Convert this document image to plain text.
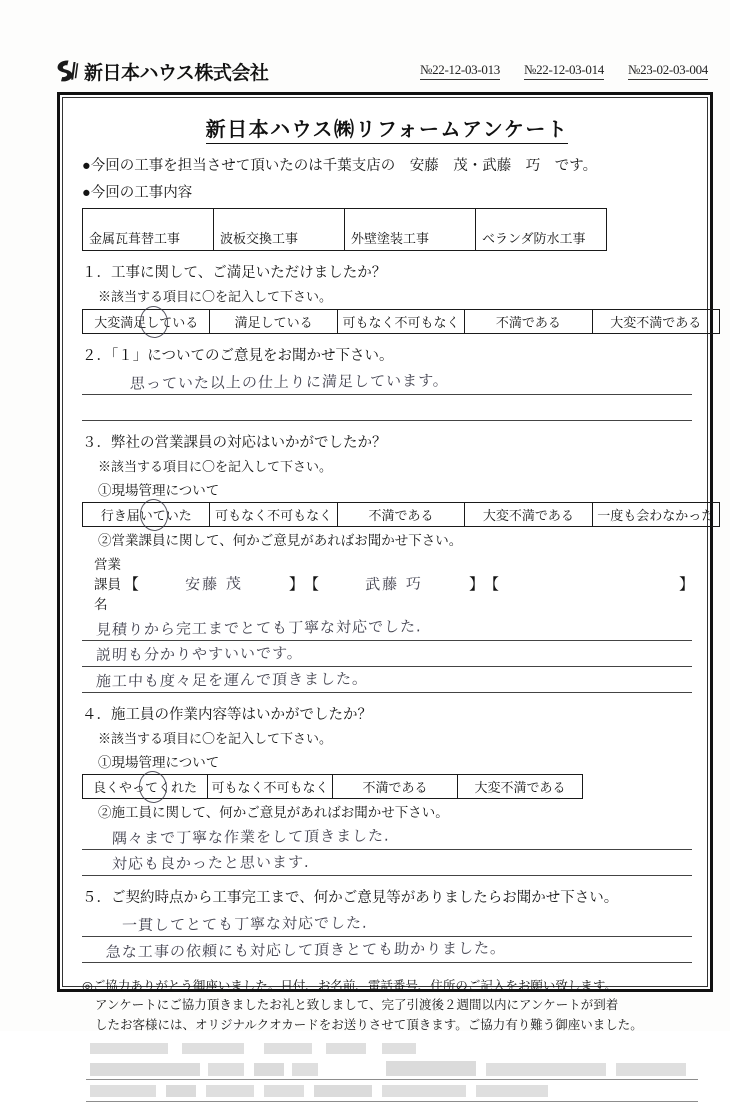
新日本ハウス株式会社	№22-12-03-013 №22-12-03-014 №23-02-03-004
新日本ハウス㈱リフォームアンケート
●今回の工事を担当させて頂いたのは千葉支店の　安藤　茂・武藤　巧　です。
●今回の工事内容
金属瓦葺替工事	波板交換工事	外壁塗装工事	ベランダ防水工事
１．工事に関して、ご満足いただけましたか？
※該当する項目に〇を記入して下さい。
大変満足している	満足している	可もなく不可もなく	不満である	大変不満である
２．「１」についてのご意見をお聞かせ下さい。
思っていた以上の仕上りに満足しています。
３．弊社の営業課員の対応はいかがでしたか？
※該当する項目に〇を記入して下さい。
①現場管理について
行き届いていた	可もなく不可もなく	不満である	大変不満である	一度も会わなかった
②営業課員に関して、何かご意見があればお聞かせ下さい。
営業課員名
【	安藤 茂	】 【	武藤 巧	】 【	】
見積りから完工までとても丁寧な対応でした.
説明も分かりやすいいです。
施工中も度々足を運んで頂きました。
４．施工員の作業内容等はいかがでしたか？
※該当する項目に〇を記入して下さい。
①現場管理について
良くやってくれた	可もなく不可もなく	不満である	大変不満である
②施工員に関して、何かご意見があればお聞かせ下さい。
隅々まで丁寧な作業をして頂きました.
対応も良かったと思います.
５．ご契約時点から工事完工まで、何かご意見等がありましたらお聞かせ下さい。
一貫してとても丁寧な対応でした.
急な工事の依頼にも対応して頂きとても助かりました。
◎ご協力ありがとう御座いました。日付、お名前、電話番号、住所のご記入をお願い致します。
アンケートにご協力頂きましたお礼と致しまして、完了引渡後２週間以内にアンケートが到着
したお客様には、オリジナルクオカードをお送りさせて頂きます。ご協力有り難う御座いました。
